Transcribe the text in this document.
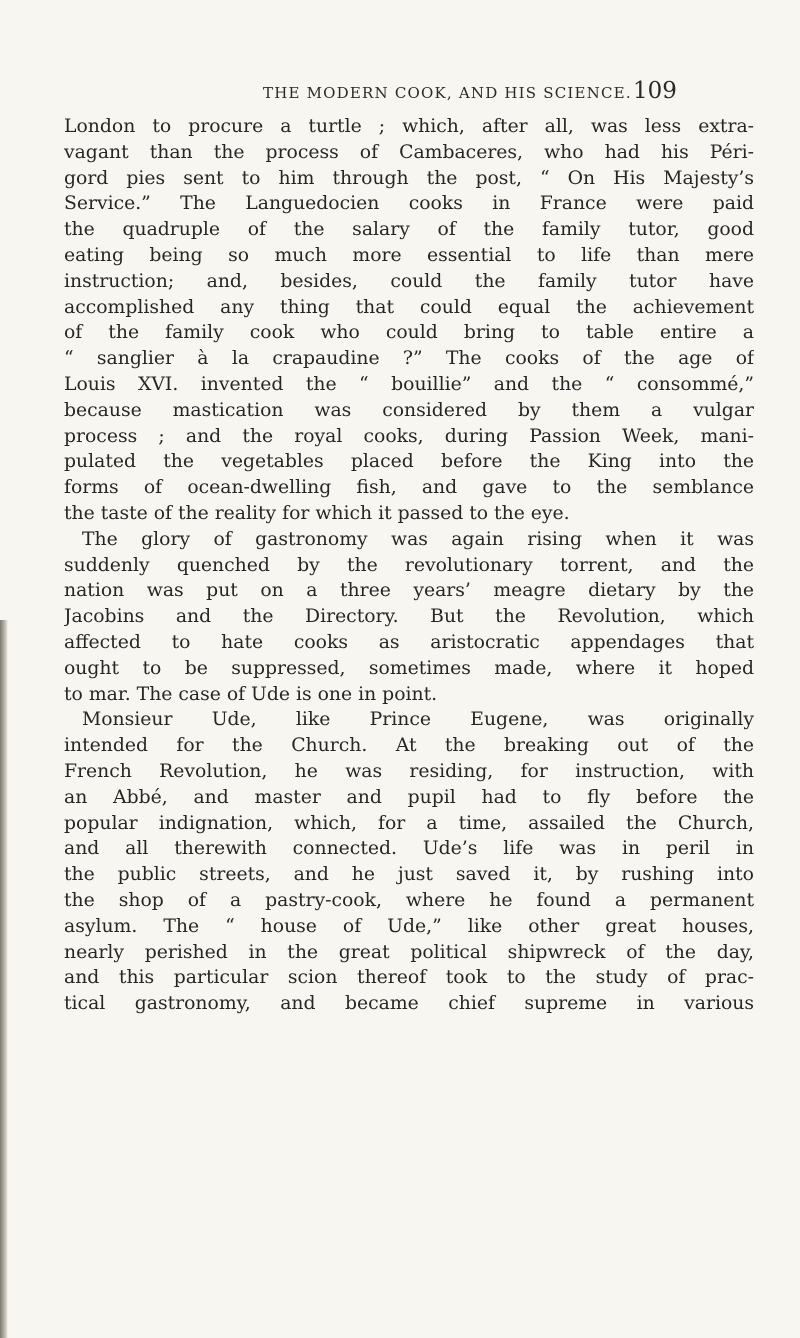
THE MODERN COOK, AND HIS SCIENCE. 109
London to procure a turtle ; which, after all, was less extra-
vagant than the process of Cambaceres, who had his Péri-
gord pies sent to him through the post, “ On His Majesty’s
Service.” The Languedocien cooks in France were paid
the quadruple of the salary of the family tutor, good
eating being so much more essential to life than mere
instruction; and, besides, could the family tutor have
accomplished any thing that could equal the achievement
of the family cook who could bring to table entire a
“ sanglier à la crapaudine ?” The cooks of the age of
Louis XVI. invented the “ bouillie” and the “ consommé,”
because mastication was considered by them a vulgar
process ; and the royal cooks, during Passion Week, mani-
pulated the vegetables placed before the King into the
forms of ocean-dwelling fish, and gave to the semblance
the taste of the reality for which it passed to the eye.
The glory of gastronomy was again rising when it was
suddenly quenched by the revolutionary torrent, and the
nation was put on a three years’ meagre dietary by the
Jacobins and the Directory. But the Revolution, which
affected to hate cooks as aristocratic appendages that
ought to be suppressed, sometimes made, where it hoped
to mar. The case of Ude is one in point.
Monsieur Ude, like Prince Eugene, was originally
intended for the Church. At the breaking out of the
French Revolution, he was residing, for instruction, with
an Abbé, and master and pupil had to fly before the
popular indignation, which, for a time, assailed the Church,
and all therewith connected. Ude’s life was in peril in
the public streets, and he just saved it, by rushing into
the shop of a pastry-cook, where he found a permanent
asylum. The “ house of Ude,” like other great houses,
nearly perished in the great political shipwreck of the day,
and this particular scion thereof took to the study of prac-
tical gastronomy, and became chief supreme in various
